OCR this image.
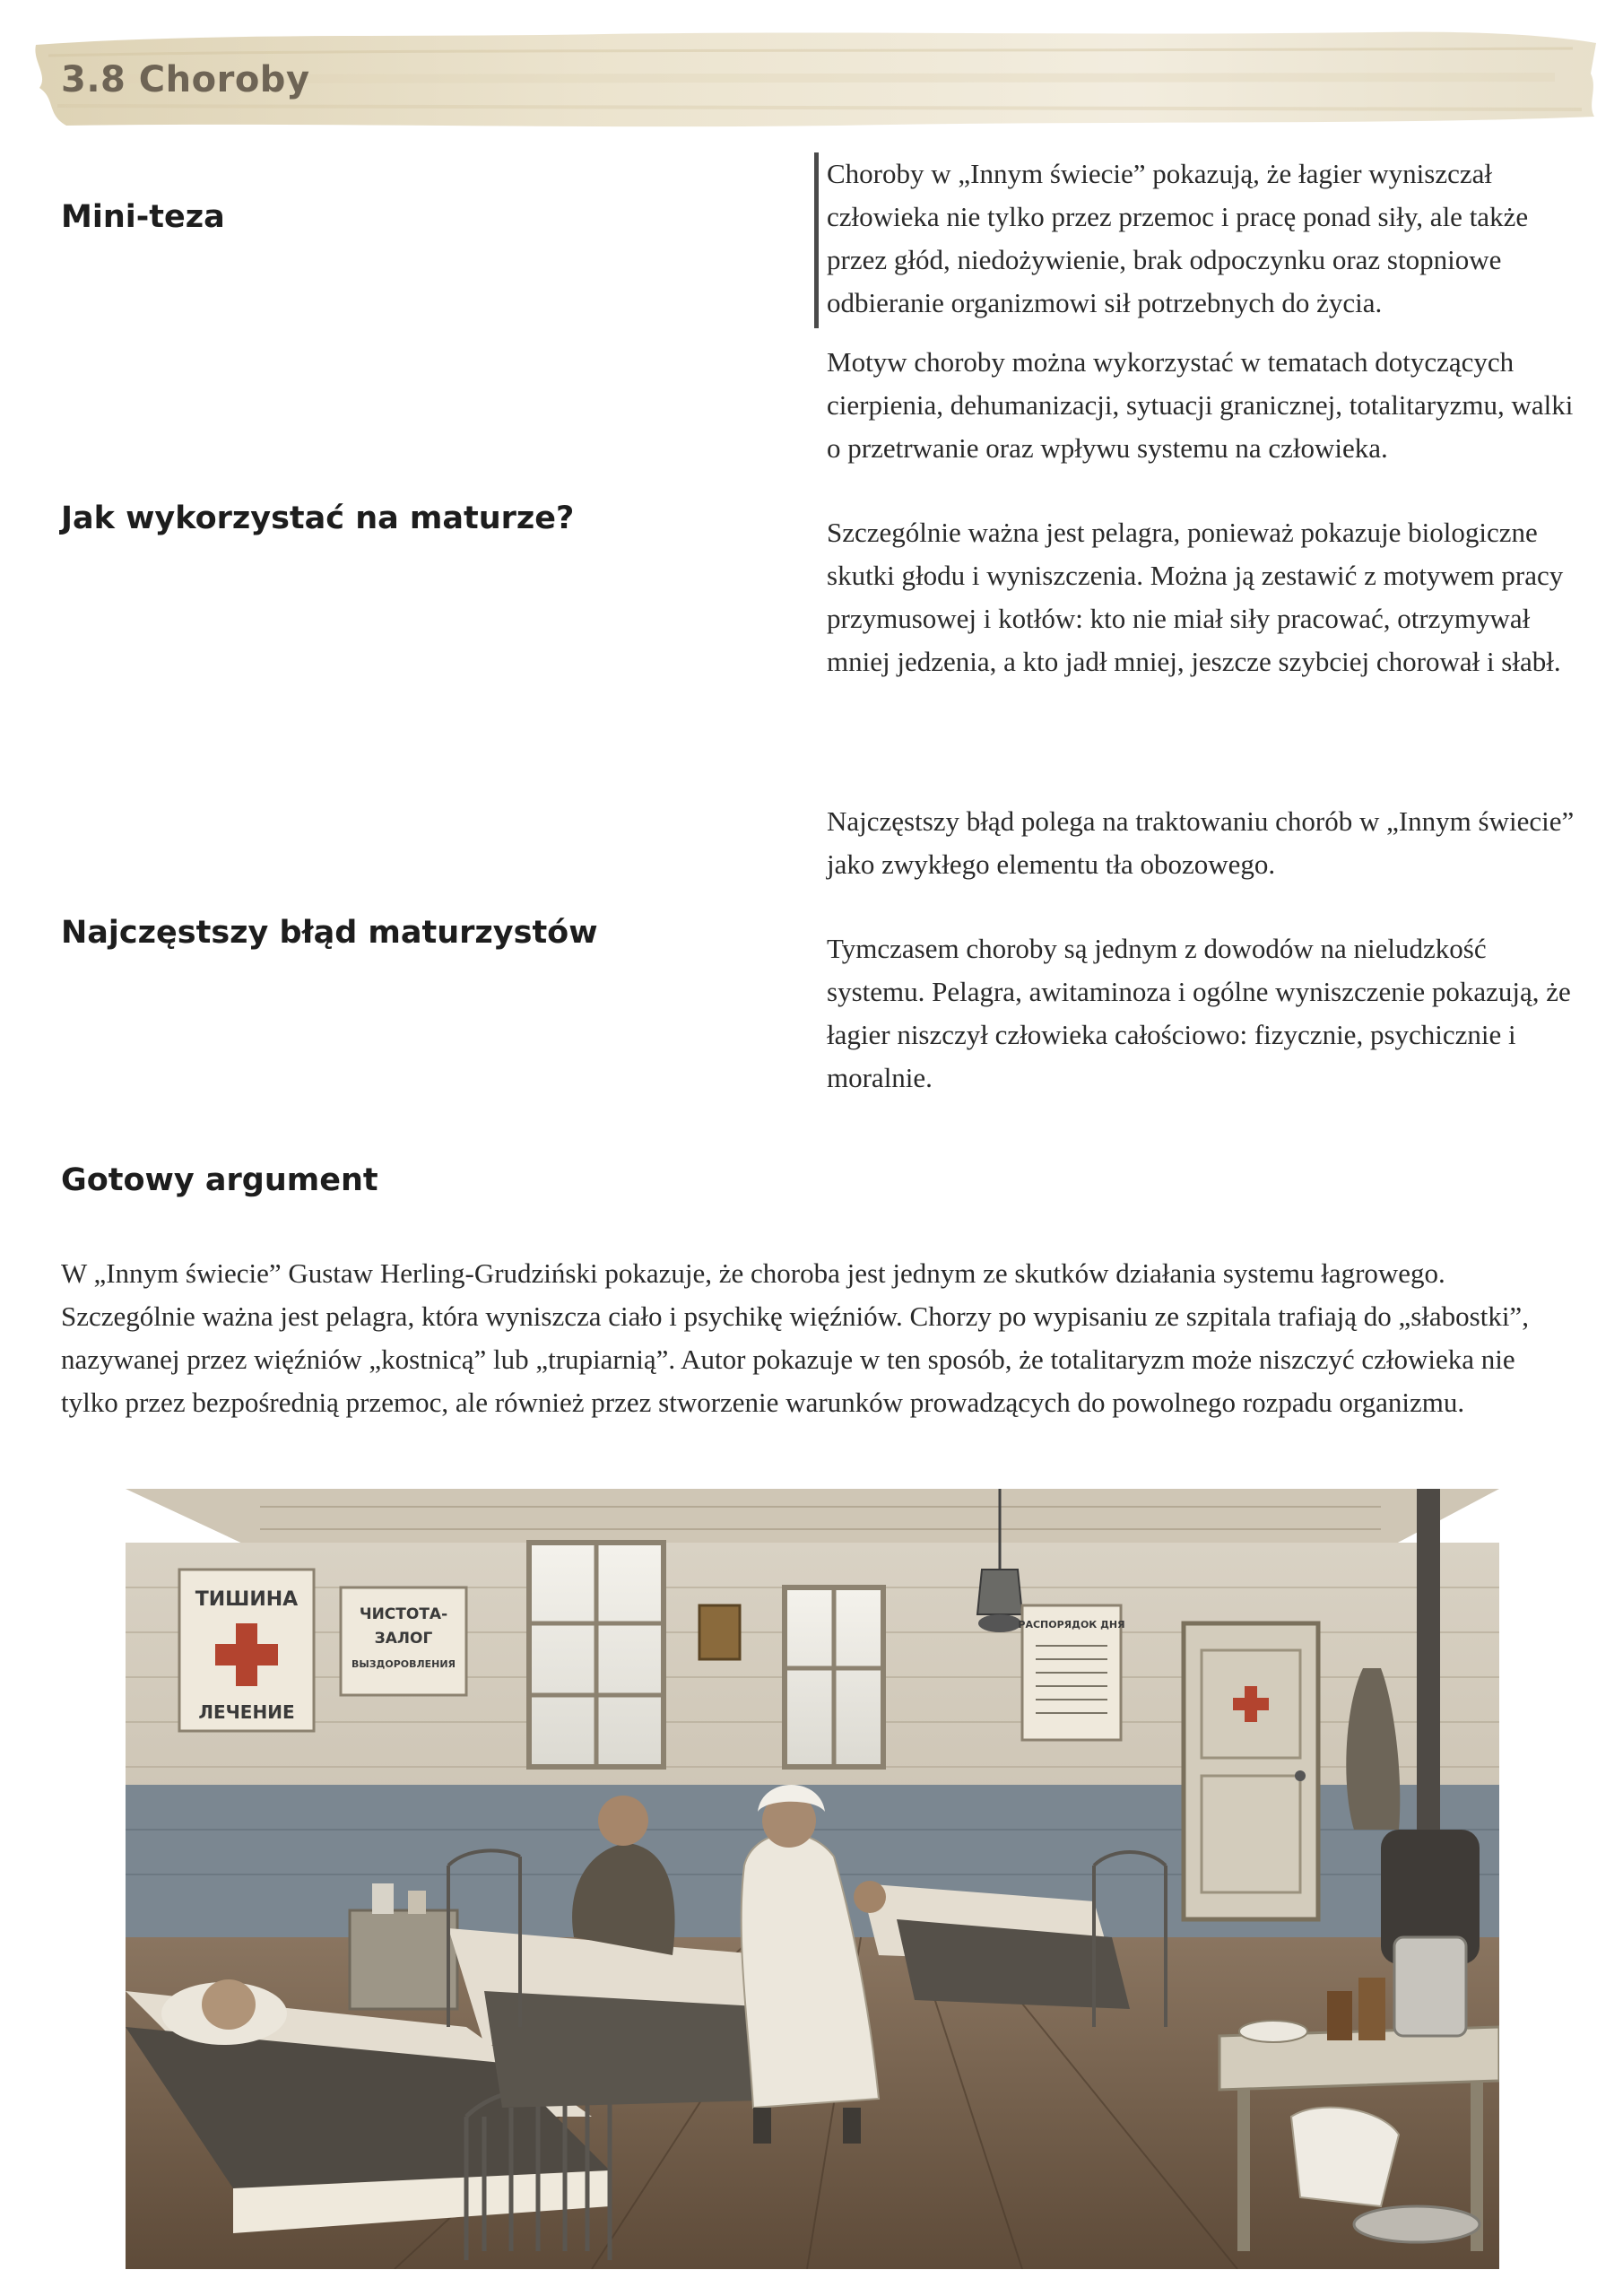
3.8 Choroby
Mini-teza

Choroby w „Innym świecie” pokazują, że łagier wyniszczał człowieka nie tylko przez przemoc i pracę ponad siły, ale także przez głód, niedożywienie, brak odpoczynku oraz stopniowe odbieranie organizmowi sił potrzebnych do życia.

Jak wykorzystać na maturze?

Motyw choroby można wykorzystać w tematach dotyczących cierpienia, dehumanizacji, sytuacji granicznej, totalitaryzmu, walki o przetrwanie oraz wpływu systemu na człowieka.

Szczególnie ważna jest pelagra, ponieważ pokazuje biologiczne skutki głodu i wyniszczenia. Można ją zestawić z motywem pracy przymusowej i kotłów: kto nie miał siły pracować, otrzymywał mniej jedzenia, a kto jadł mniej, jeszcze szybciej chorował i słabł.

Najczęstszy błąd maturzystów

Najczęstszy błąd polega na traktowaniu chorób w „Innym świecie” jako zwykłego elementu tła obozowego.

Tymczasem choroby są jednym z dowodów na nieludzkość systemu. Pelagra, awitaminoza i ogólne wyniszczenie pokazują, że łagier niszczył człowieka całościowo: fizycznie, psychicznie i moralnie.

Gotowy argument

W „Innym świecie” Gustaw Herling-Grudziński pokazuje, że choroba jest jednym ze skutków działania systemu łagrowego. Szczególnie ważna jest pelagra, która wyniszcza ciało i psychikę więźniów. Chorzy po wypisaniu ze szpitala trafiają do „słabostki”, nazywanej przez więźniów „kostnicą” lub „trupiarnią”. Autor pokazuje w ten sposób, że totalitaryzm może niszczyć człowieka nie tylko przez bezpośrednią przemoc, ale również przez stworzenie warunków prowadzących do powolnego rozpadu organizmu.

ТИШИНА
ЛЕЧЕНИЕ
ЧИСТОТА-
ЗАЛОГ
ВЫЗДОРОВЛЕНИЯ
РАСПОРЯДОК ДНЯ
